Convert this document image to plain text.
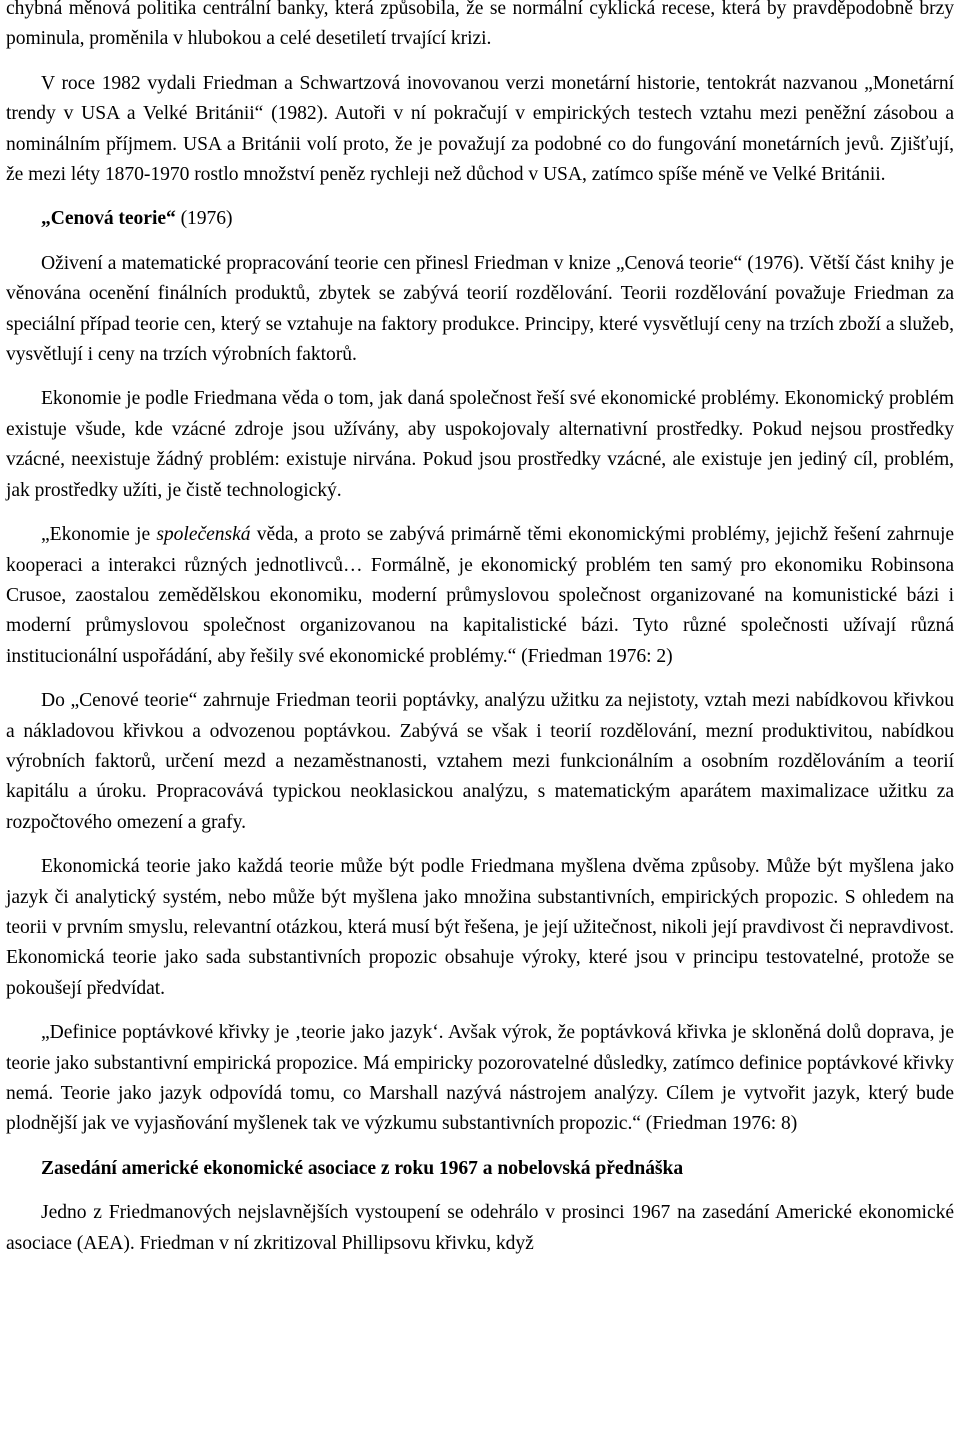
chybná měnová politika centrální banky, která způsobila, že se normální cyklická recese, která by pravděpodobně brzy pominula, proměnila v hlubokou a celé desetiletí trvající krizi.

V roce 1982 vydali Friedman a Schwartzová inovovanou verzi monetární historie, tentokrát nazvanou „Monetární trendy v USA a Velké Británii“ (1982). Autoři v ní pokračují v empirických testech vztahu mezi peněžní zásobou a nominálním příjmem. USA a Británii volí proto, že je považují za podobné co do fungování monetárních jevů. Zjišťují, že mezi léty 1870-1970 rostlo množství peněz rychleji než důchod v USA, zatímco spíše méně ve Velké Británii.

„Cenová teorie“ (1976)

Oživení a matematické propracování teorie cen přinesl Friedman v knize „Cenová teorie“ (1976). Větší část knihy je věnována ocenění finálních produktů, zbytek se zabývá teorií rozdělování. Teorii rozdělování považuje Friedman za speciální případ teorie cen, který se vztahuje na faktory produkce. Principy, které vysvětlují ceny na trzích zboží a služeb, vysvětlují i ceny na trzích výrobních faktorů.

Ekonomie je podle Friedmana věda o tom, jak daná společnost řeší své ekonomické problémy. Ekonomický problém existuje všude, kde vzácné zdroje jsou užívány, aby uspokojovaly alternativní prostředky. Pokud nejsou prostředky vzácné, neexistuje žádný problém: existuje nirvána. Pokud jsou prostředky vzácné, ale existuje jen jediný cíl, problém, jak prostředky užíti, je čistě technologický.

„Ekonomie je společenská věda, a proto se zabývá primárně těmi ekonomickými problémy, jejichž řešení zahrnuje kooperaci a interakci různých jednotlivců… Formálně, je ekonomický problém ten samý pro ekonomiku Robinsona Crusoe, zaostalou zemědělskou ekonomiku, moderní průmyslovou společnost organizované na komunistické bázi i moderní průmyslovou společnost organizovanou na kapitalistické bázi. Tyto různé společnosti užívají různá institucionální uspořádání, aby řešily své ekonomické problémy.“ (Friedman 1976: 2)

Do „Cenové teorie“ zahrnuje Friedman teorii poptávky, analýzu užitku za nejistoty, vztah mezi nabídkovou křivkou a nákladovou křivkou a odvozenou poptávkou. Zabývá se však i teorií rozdělování, mezní produktivitou, nabídkou výrobních faktorů, určení mezd a nezaměstnanosti, vztahem mezi funkcionálním a osobním rozdělováním a teorií kapitálu a úroku. Propracovává typickou neoklasickou analýzu, s matematickým aparátem maximalizace užitku za rozpočtového omezení a grafy.

Ekonomická teorie jako každá teorie může být podle Friedmana myšlena dvěma způsoby. Může být myšlena jako jazyk či analytický systém, nebo může být myšlena jako množina substantivních, empirických propozic. S ohledem na teorii v prvním smyslu, relevantní otázkou, která musí být řešena, je její užitečnost, nikoli její pravdivost či nepravdivost. Ekonomická teorie jako sada substantivních propozic obsahuje výroky, které jsou v principu testovatelné, protože se pokoušejí předvídat.

„Definice poptávkové křivky je ‚teorie jako jazyk‘. Avšak výrok, že poptávková křivka je skloněná dolů doprava, je teorie jako substantivní empirická propozice. Má empiricky pozorovatelné důsledky, zatímco definice poptávkové křivky nemá. Teorie jako jazyk odpovídá tomu, co Marshall nazývá nástrojem analýzy. Cílem je vytvořit jazyk, který bude plodnější jak ve vyjasňování myšlenek tak ve výzkumu substantivních propozic.“ (Friedman 1976: 8)

Zasedání americké ekonomické asociace z roku 1967 a nobelovská přednáška

Jedno z Friedmanových nejslavnějších vystoupení se odehrálo v prosinci 1967 na zasedání Americké ekonomické asociace (AEA). Friedman v ní zkritizoval Phillipsovu křivku, když
